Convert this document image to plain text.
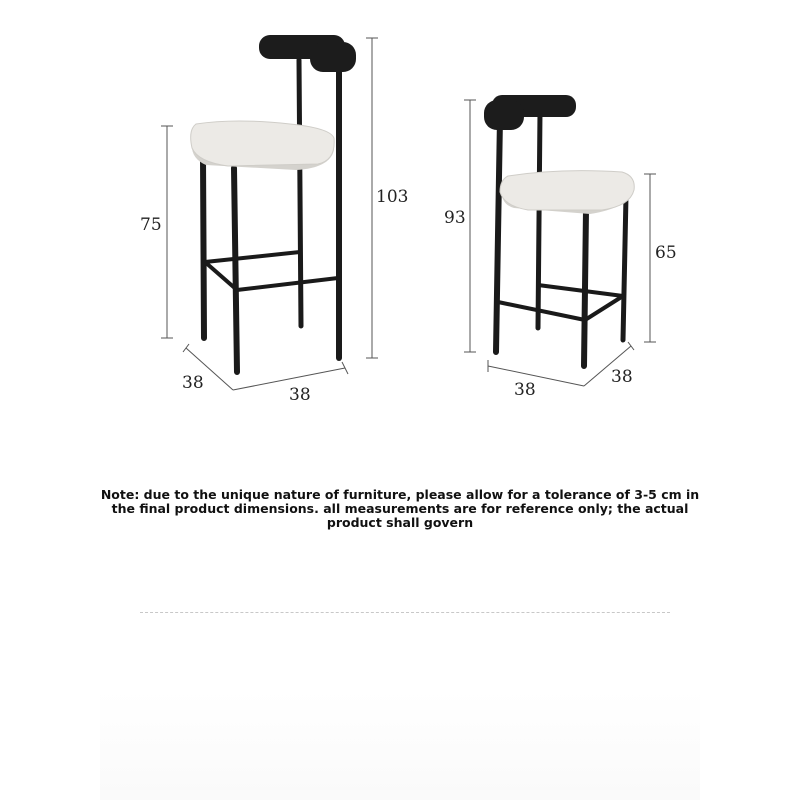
75
103
38
38
93
65
38
38

Note: due to the unique nature of furniture, please allow for a tolerance of 3-5 cm in the final product dimensions. all measurements are for reference only; the actual product shall govern
